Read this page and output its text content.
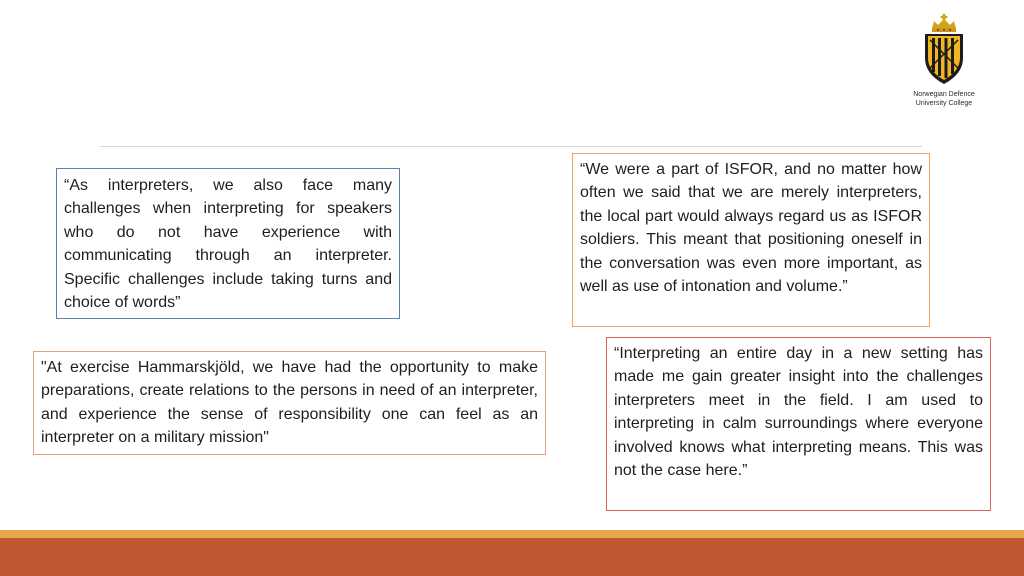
Norwegian Defence
University College
“As interpreters, we also face many challenges when interpreting for speakers who do not have experience with communicating through an interpreter. Specific challenges include taking turns and choice of words”
“We were a part of ISFOR, and no matter how often we said that we are merely interpreters, the local part would always regard us as ISFOR soldiers. This meant that positioning oneself in the conversation was even more important, as well as use of intonation and volume.”
"At exercise Hammarskjöld, we have had the opportunity to make preparations, create relations to the persons in need of an interpreter, and experience the sense of responsibility one can feel as an interpreter on a military mission"
“Interpreting an entire day in a new setting has made me gain greater insight into the challenges interpreters meet in the field. I am used to interpreting in calm surroundings where everyone involved knows what interpreting means. This was not the case here.”
